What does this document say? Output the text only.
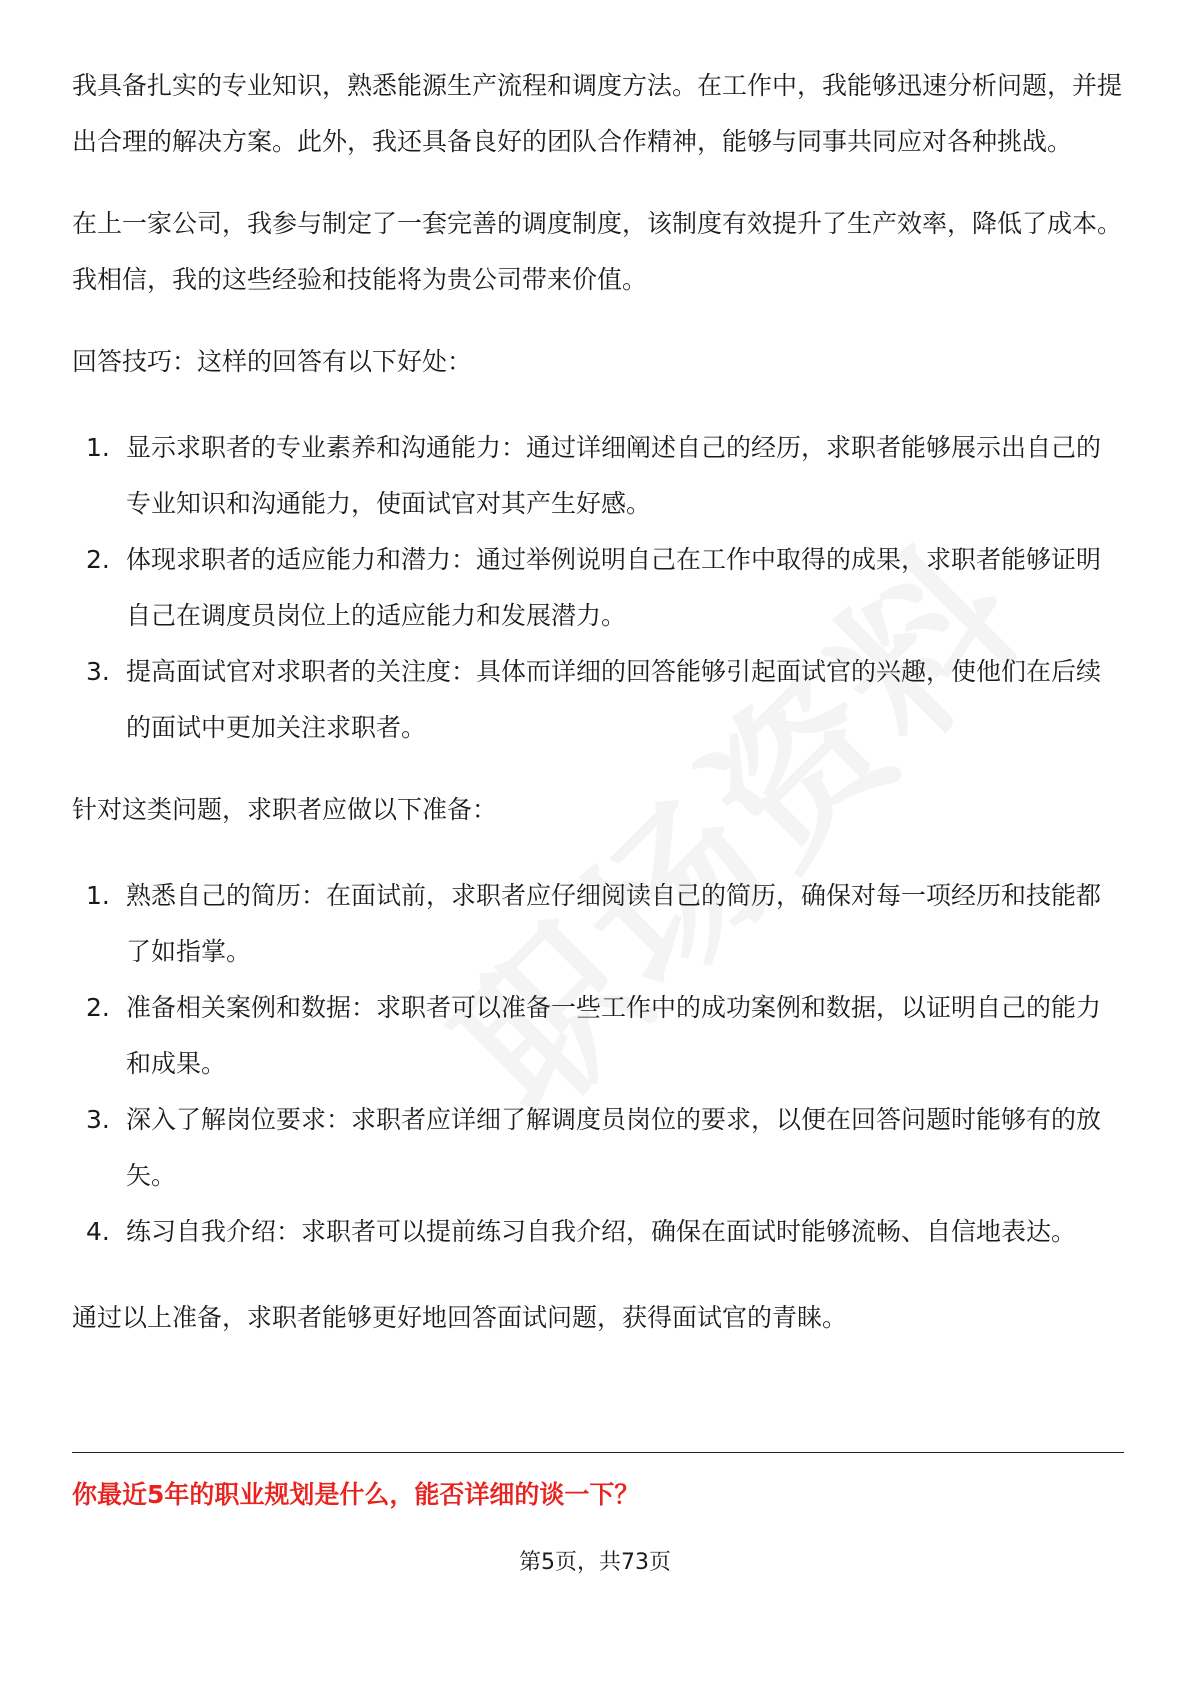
我具备扎实的专业知识，熟悉能源生产流程和调度方法。在工作中，我能够迅速分析问题，并提出合理的解决方案。此外，我还具备良好的团队合作精神，能够与同事共同应对各种挑战。

在上一家公司，我参与制定了一套完善的调度制度，该制度有效提升了生产效率，降低了成本。我相信，我的这些经验和技能将为贵公司带来价值。

回答技巧：这样的回答有以下好处：

1. 显示求职者的专业素养和沟通能力：通过详细阐述自己的经历，求职者能够展示出自己的专业知识和沟通能力，使面试官对其产生好感。
2. 体现求职者的适应能力和潜力：通过举例说明自己在工作中取得的成果，求职者能够证明自己在调度员岗位上的适应能力和发展潜力。
3. 提高面试官对求职者的关注度：具体而详细的回答能够引起面试官的兴趣，使他们在后续的面试中更加关注求职者。

针对这类问题，求职者应做以下准备：

1. 熟悉自己的简历：在面试前，求职者应仔细阅读自己的简历，确保对每一项经历和技能都了如指掌。
2. 准备相关案例和数据：求职者可以准备一些工作中的成功案例和数据，以证明自己的能力和成果。
3. 深入了解岗位要求：求职者应详细了解调度员岗位的要求，以便在回答问题时能够有的放矢。
4. 练习自我介绍：求职者可以提前练习自我介绍，确保在面试时能够流畅、自信地表达。

通过以上准备，求职者能够更好地回答面试问题，获得面试官的青睐。

你最近5年的职业规划是什么，能否详细的谈一下？
第5页，共73页
